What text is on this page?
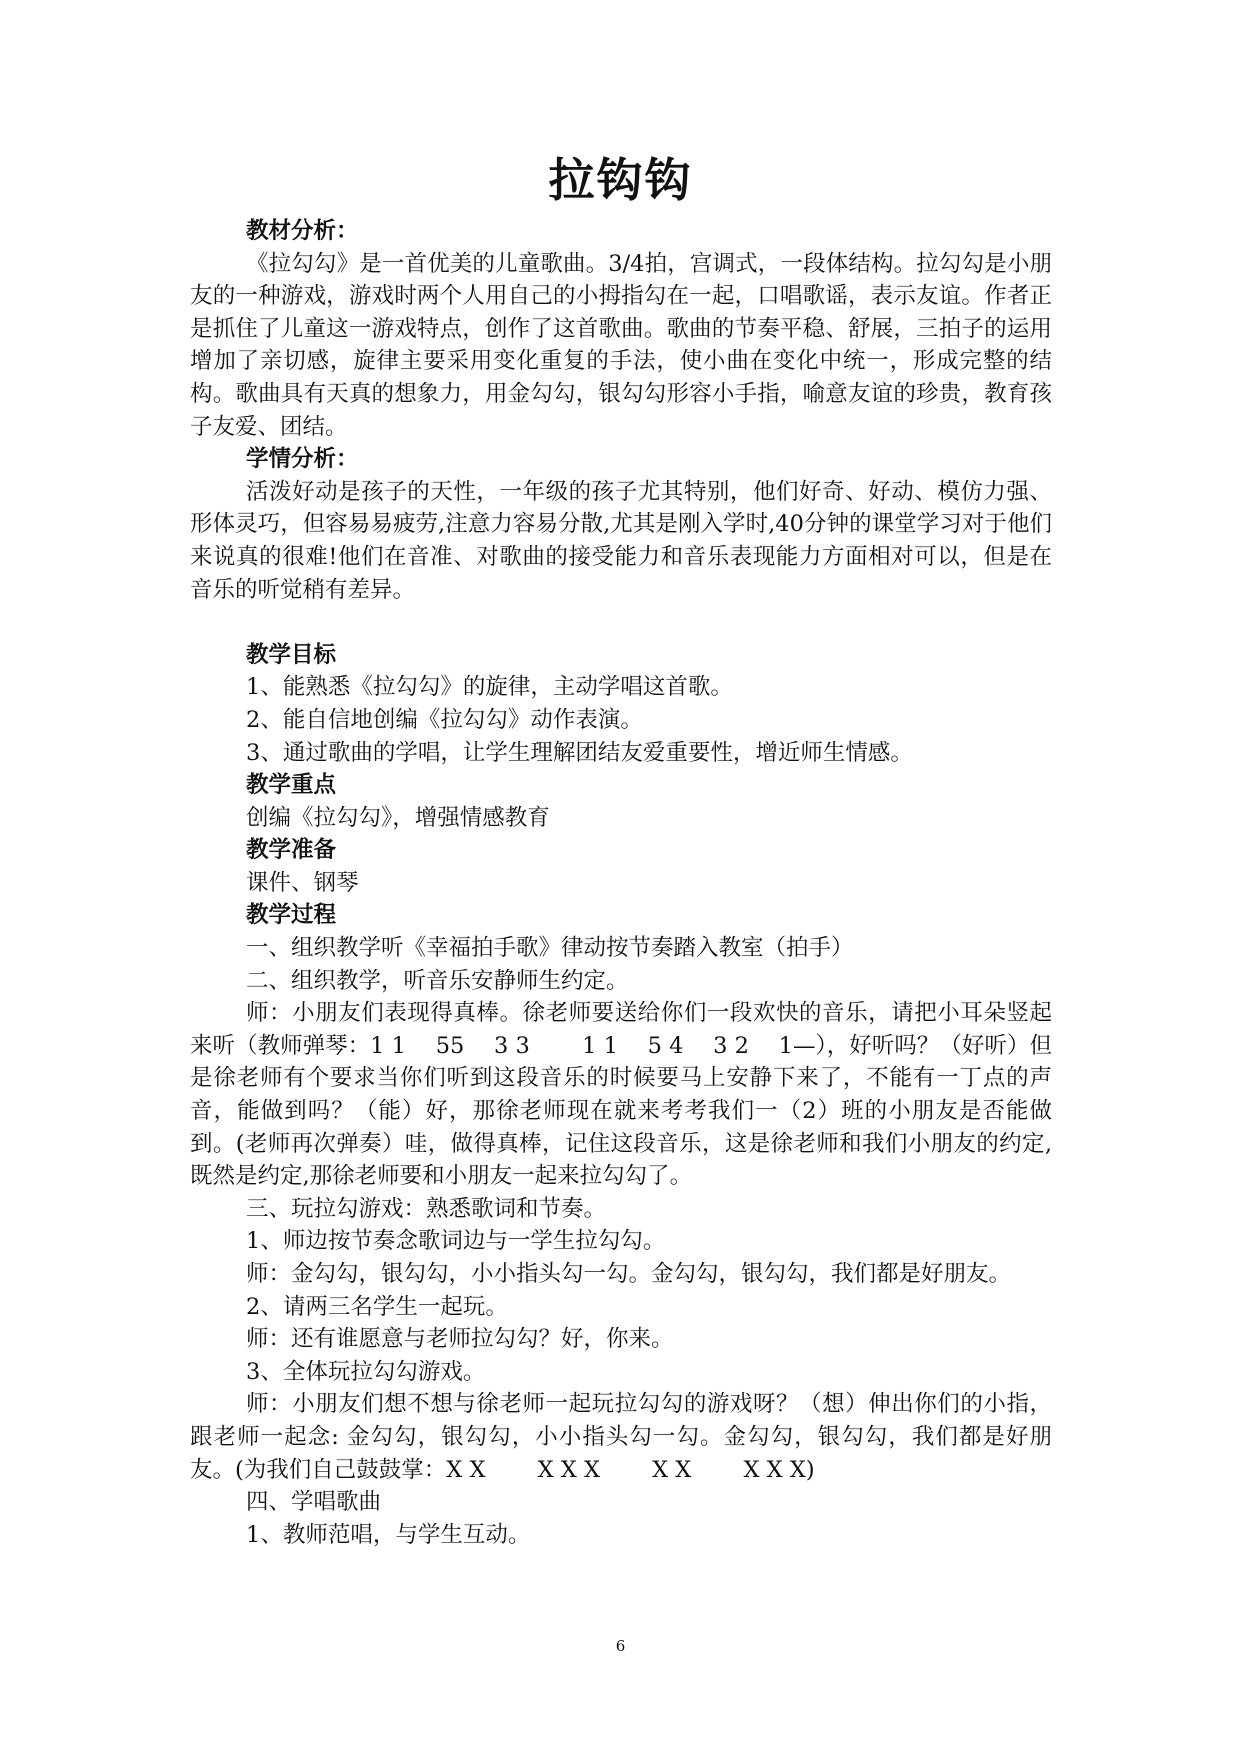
拉钩钩

教材分析：

《拉勾勾》是一首优美的儿童歌曲。3/4拍，宫调式，一段体结构。拉勾勾是小朋友的一种游戏，游戏时两个人用自己的小拇指勾在一起，口唱歌谣，表示友谊。作者正是抓住了儿童这一游戏特点，创作了这首歌曲。歌曲的节奏平稳、舒展，三拍子的运用增加了亲切感，旋律主要采用变化重复的手法，使小曲在变化中统一，形成完整的结构。歌曲具有天真的想象力，用金勾勾，银勾勾形容小手指，喻意友谊的珍贵，教育孩子友爱、团结。

学情分析：

活泼好动是孩子的天性，一年级的孩子尤其特别，他们好奇、好动、模仿力强、形体灵巧，但容易易疲劳,注意力容易分散,尤其是刚入学时,40分钟的课堂学习对于他们来说真的很难!他们在音准、对歌曲的接受能力和音乐表现能力方面相对可以，但是在音乐的听觉稍有差异。

教学目标

1、能熟悉《拉勾勾》的旋律，主动学唱这首歌。

2、能自信地创编《拉勾勾》动作表演。

3、通过歌曲的学唱，让学生理解团结友爱重要性，增近师生情感。

教学重点

创编《拉勾勾》，增强情感教育

教学准备

课件、钢琴

教学过程

一、组织教学听《幸福拍手歌》律动按节奏踏入教室（拍手）

二、组织教学，听音乐安静师生约定。

师：小朋友们表现得真棒。徐老师要送给你们一段欢快的音乐，请把小耳朵竖起来听（教师弹琴：1 1　 55　 3 3　　 1 1　 5 4　 3 2　 1—），好听吗？（好听）但是徐老师有个要求当你们听到这段音乐的时候要马上安静下来了，不能有一丁点的声音，能做到吗？（能）好，那徐老师现在就来考考我们一（2）班的小朋友是否能做到。(老师再次弹奏）哇，做得真棒，记住这段音乐，这是徐老师和我们小朋友的约定,既然是约定,那徐老师要和小朋友一起来拉勾勾了。

三、玩拉勾游戏：熟悉歌词和节奏。

1、师边按节奏念歌词边与一学生拉勾勾。

师：金勾勾，银勾勾，小小指头勾一勾。金勾勾，银勾勾，我们都是好朋友。

2、请两三名学生一起玩。

师：还有谁愿意与老师拉勾勾？好，你来。

3、全体玩拉勾勾游戏。

师：小朋友们想不想与徐老师一起玩拉勾勾的游戏呀？（想）伸出你们的小指，跟老师一起念: 金勾勾，银勾勾，小小指头勾一勾。金勾勾，银勾勾，我们都是好朋友。(为我们自己鼓鼓掌：X X　　 X X X　　 X X　　 X X X)

四、学唱歌曲

1、教师范唱，与学生互动。

6
